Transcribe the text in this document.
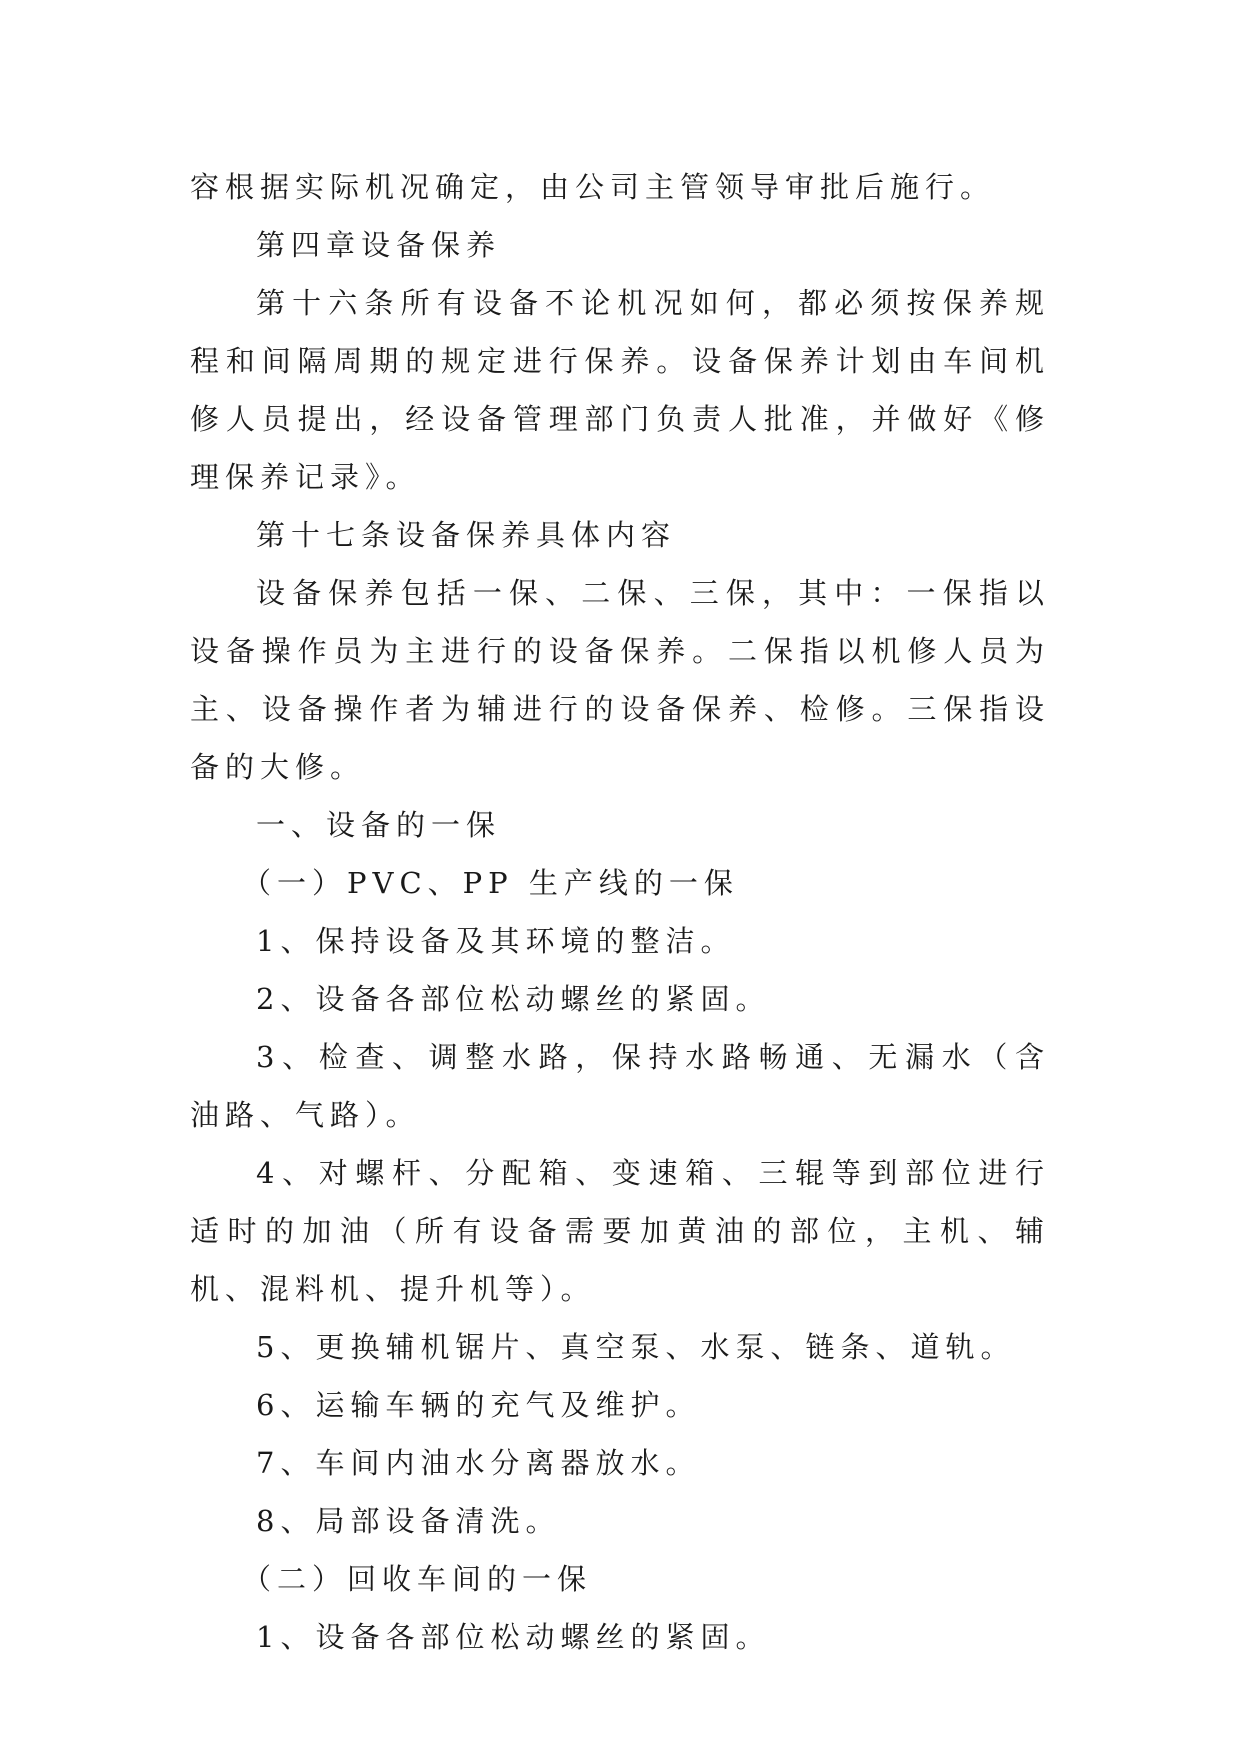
容根据实际机况确定，由公司主管领导审批后施行。

第四章设备保养

第十六条所有设备不论机况如何，都必须按保养规程和间隔周期的规定进行保养。设备保养计划由车间机修人员提出，经设备管理部门负责人批准，并做好《修理保养记录》。

第十七条设备保养具体内容

设备保养包括一保、二保、三保，其中：一保指以设备操作员为主进行的设备保养。二保指以机修人员为主、设备操作者为辅进行的设备保养、检修。三保指设备的大修。

一、设备的一保

（一）PVC、PP 生产线的一保

1、保持设备及其环境的整洁。

2、设备各部位松动螺丝的紧固。

3、检查、调整水路，保持水路畅通、无漏水（含油路、气路）。

4、对螺杆、分配箱、变速箱、三辊等到部位进行适时的加油（所有设备需要加黄油的部位，主机、辅机、混料机、提升机等）。

5、更换辅机锯片、真空泵、水泵、链条、道轨。

6、运输车辆的充气及维护。

7、车间内油水分离器放水。

8、局部设备清洗。

（二）回收车间的一保

1、设备各部位松动螺丝的紧固。
